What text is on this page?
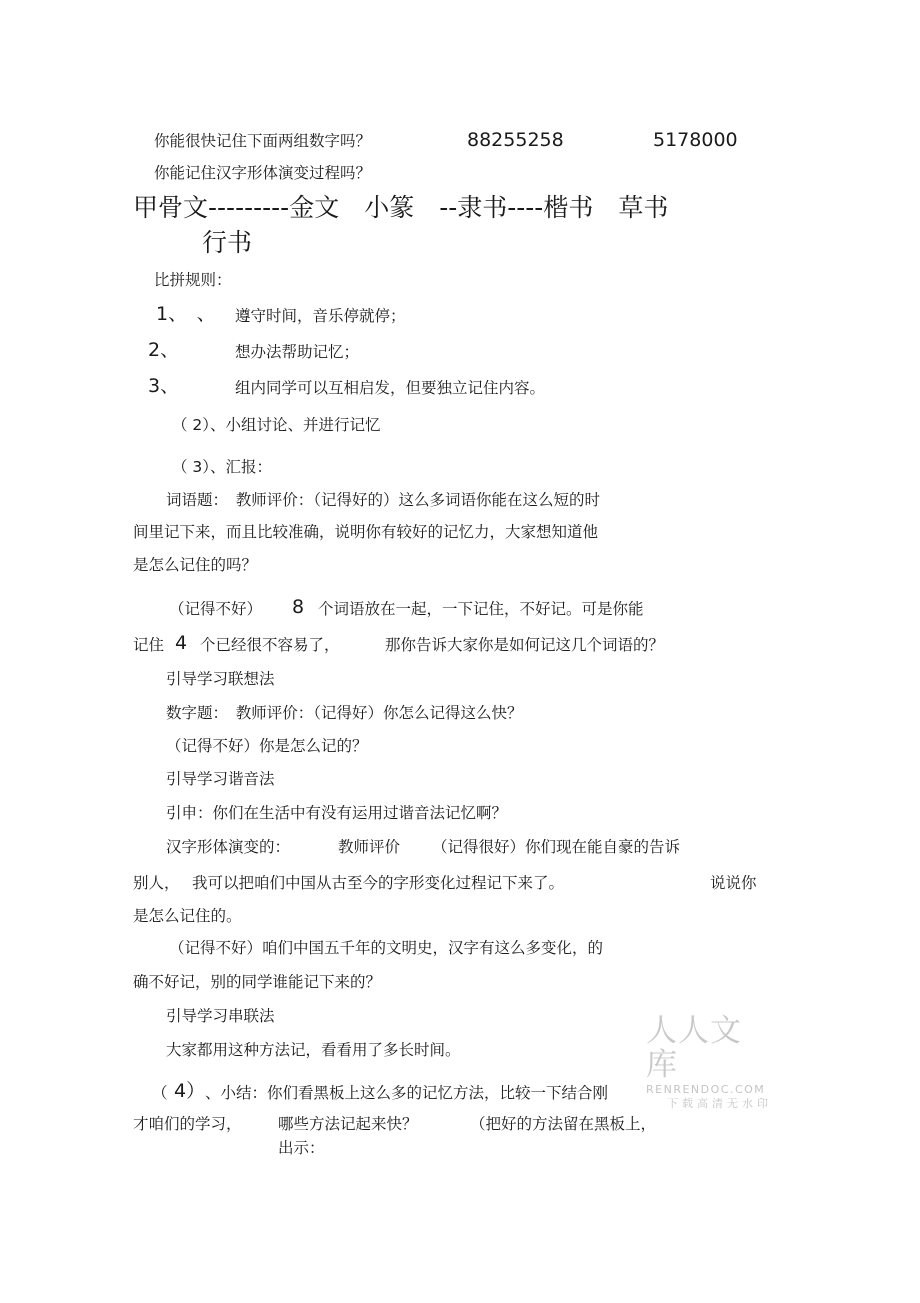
你能很快记住下面两组数字吗？	88255258	5178000
你能记住汉字形体演变过程吗？
甲骨文---------金文　小篆　--隶书----楷书　草书
行书
比拼规则：
1、　、 遵守时间，音乐停就停；
2、	想办法帮助记忆；
3、	组内同学可以互相启发，但要独立记住内容。
（ 2）、小组讨论、并进行记忆
（ 3）、汇报：
词语题：　教师评价：（记得好的）这么多词语你能在这么短的时
间里记下来，而且比较准确，说明你有较好的记忆力，大家想知道他
是怎么记住的吗？
（记得不好） 8 个词语放在一起，一下记住，不好记。可是你能
记住 4 个已经很不容易了，	那你告诉大家你是如何记这几个词语的？
引导学习联想法
数字题：　教师评价：（记得好）你怎么记得这么快？
（记得不好）你是怎么记的？
引导学习谐音法
引申：你们在生活中有没有运用过谐音法记忆啊？
汉字形体演变的：	教师评价 （记得很好）你们现在能自豪的告诉
别人， 我可以把咱们中国从古至今的字形变化过程记下来了。	说说你
是怎么记住的。
（记得不好）咱们中国五千年的文明史，汉字有这么多变化，的
确不好记，别的同学谁能记下来的？
引导学习串联法
大家都用这种方法记，看看用了多长时间。
（ 4） 、小结：你们看黑板上这么多的记忆方法，比较一下结合刚
才咱们的学习， 哪些方法记起来快？	（把好的方法留在黑板上，
出示：
人人文库
RENRENDOC.COM
下载高清无水印
